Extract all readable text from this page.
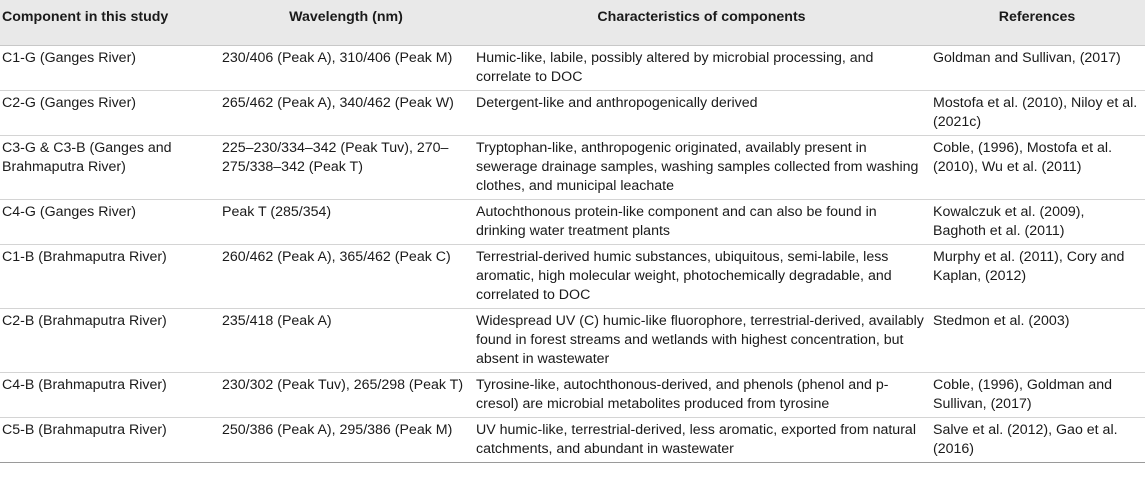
Component in this study	Wavelength (nm)	Characteristics of components	References
C1-G (Ganges River)	230/406 (Peak A), 310/406 (Peak M)	Humic-like, labile, possibly altered by microbial processing, and correlate to DOC	Goldman and Sullivan, (2017)
C2-G (Ganges River)	265/462 (Peak A), 340/462 (Peak W)	Detergent-like and anthropogenically derived	Mostofa et al. (2010), Niloy et al. (2021c)
C3-G & C3-B (Ganges and Brahmaputra River)	225–230/334–342 (Peak Tuv), 270–275/338–342 (Peak T)	Tryptophan-like, anthropogenic originated, availably present in sewerage drainage samples, washing samples collected from washing clothes, and municipal leachate	Coble, (1996), Mostofa et al. (2010), Wu et al. (2011)
C4-G (Ganges River)	Peak T (285/354)	Autochthonous protein-like component and can also be found in drinking water treatment plants	Kowalczuk et al. (2009), Baghoth et al. (2011)
C1-B (Brahmaputra River)	260/462 (Peak A), 365/462 (Peak C)	Terrestrial-derived humic substances, ubiquitous, semi-labile, less aromatic, high molecular weight, photochemically degradable, and correlated to DOC	Murphy et al. (2011), Cory and Kaplan, (2012)
C2-B (Brahmaputra River)	235/418 (Peak A)	Widespread UV (C) humic-like fluorophore, terrestrial-derived, availably found in forest streams and wetlands with highest concentration, but absent in wastewater	Stedmon et al. (2003)
C4-B (Brahmaputra River)	230/302 (Peak Tuv), 265/298 (Peak T)	Tyrosine-like, autochthonous-derived, and phenols (phenol and p-cresol) are microbial metabolites produced from tyrosine	Coble, (1996), Goldman and Sullivan, (2017)
C5-B (Brahmaputra River)	250/386 (Peak A), 295/386 (Peak M)	UV humic-like, terrestrial-derived, less aromatic, exported from natural catchments, and abundant in wastewater	Salve et al. (2012), Gao et al. (2016)
